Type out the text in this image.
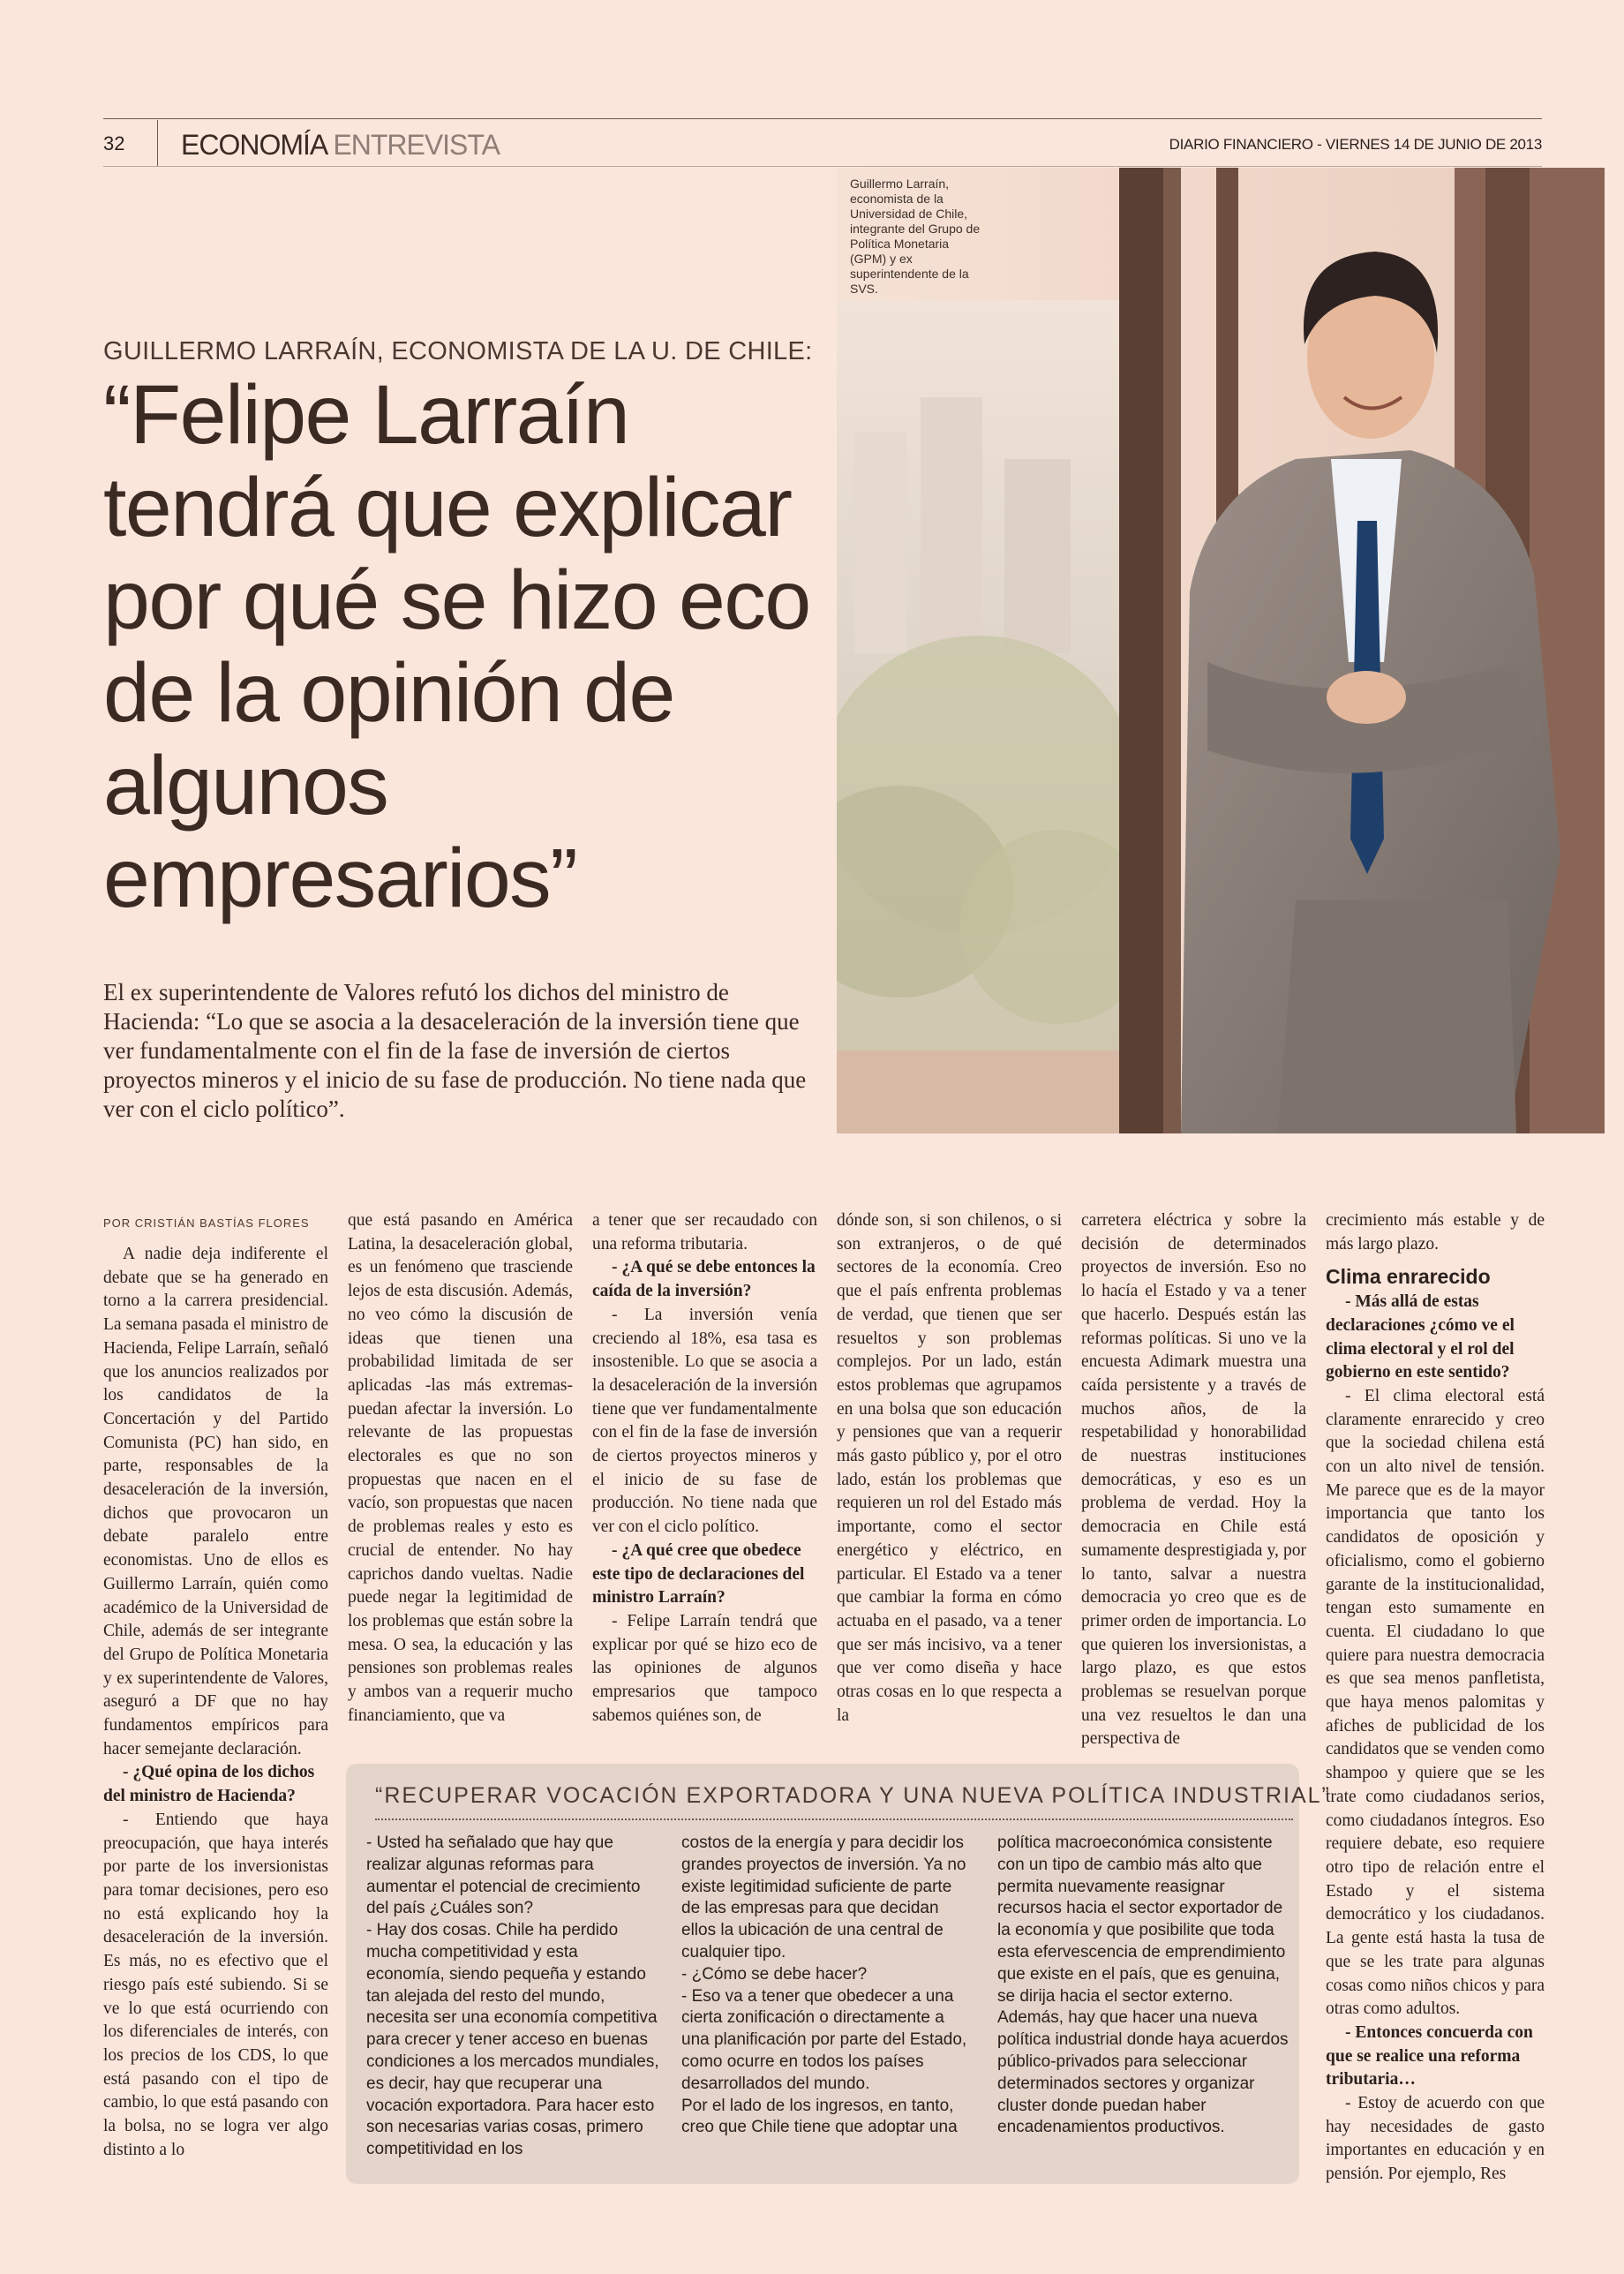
32 ECONOMÍA ENTREVISTA	DIARIO FINANCIERO - VIERNES 14 DE JUNIO DE 2013
GUILLERMO LARRAÍN, ECONOMISTA DE LA U. DE CHILE:
“Felipe Larraín tendrá que explicar por qué se hizo eco de la opinión de algunos empresarios”
El ex superintendente de Valores refutó los dichos del ministro de Hacienda: “Lo que se asocia a la desaceleración de la inversión tiene que ver fundamentalmente con el fin de la fase de inversión de ciertos proyectos mineros y el inicio de su fase de producción. No tiene nada que ver con el ciclo político”.
Guillermo Larraín, economista de la Universidad de Chile, integrante del Grupo de Política Monetaria (GPM) y ex superintendente de la SVS.
POR CRISTIÁN BASTÍAS FLORES

A nadie deja indiferente el debate que se ha generado en torno a la carrera presidencial. La semana pasada el ministro de Hacienda, Felipe Larraín, señaló que los anuncios realizados por los candidatos de la Concertación y del Partido Comunista (PC) han sido, en parte, responsables de la desaceleración de la inversión, dichos que provocaron un debate paralelo entre economistas. Uno de ellos es Guillermo Larraín, quién como académico de la Universidad de Chile, además de ser integrante del Grupo de Política Monetaria y ex superintendente de Valores, aseguró a DF que no hay fundamentos empíricos para hacer semejante declaración.

- ¿Qué opina de los dichos del ministro de Hacienda?

- Entiendo que haya preocupación, que haya interés por parte de los inversionistas para tomar decisiones, pero eso no está explicando hoy la desaceleración de la inversión. Es más, no es efectivo que el riesgo país esté subiendo. Si se ve lo que está ocurriendo con los diferenciales de interés, con los precios de los CDS, lo que está pasando con el tipo de cambio, lo que está pasando con la bolsa, no se logra ver algo distinto a lo

que está pasando en América Latina, la desaceleración global, es un fenómeno que trasciende lejos de esta discusión. Además, no veo cómo la discusión de ideas que tienen una probabilidad limitada de ser aplicadas -las más extremas- puedan afectar la inversión. Lo relevante de las propuestas electorales es que no son propuestas que nacen en el vacío, son propuestas que nacen de problemas reales y esto es crucial de entender. No hay caprichos dando vueltas. Nadie puede negar la legitimidad de los problemas que están sobre la mesa. O sea, la educación y las pensiones son problemas reales y ambos van a requerir mucho financiamiento, que va

a tener que ser recaudado con una reforma tributaria.

- ¿A qué se debe entonces la caída de la inversión?

- La inversión venía creciendo al 18%, esa tasa es insostenible. Lo que se asocia a la desaceleración de la inversión tiene que ver fundamentalmente con el fin de la fase de inversión de ciertos proyectos mineros y el inicio de su fase de producción. No tiene nada que ver con el ciclo político.

- ¿A qué cree que obedece este tipo de declaraciones del ministro Larraín?

- Felipe Larraín tendrá que explicar por qué se hizo eco de las opiniones de algunos empresarios que tampoco sabemos quiénes son, de

dónde son, si son chilenos, o si son extranjeros, o de qué sectores de la economía. Creo que el país enfrenta problemas de verdad, que tienen que ser resueltos y son problemas complejos. Por un lado, están estos problemas que agrupamos en una bolsa que son educación y pensiones que van a requerir más gasto público y, por el otro lado, están los problemas que requieren un rol del Estado más importante, como el sector energético y eléctrico, en particular. El Estado va a tener que cambiar la forma en cómo actuaba en el pasado, va a tener que ser más incisivo, va a tener que ver como diseña y hace otras cosas en lo que respecta a la

carretera eléctrica y sobre la decisión de determinados proyectos de inversión. Eso no lo hacía el Estado y va a tener que hacerlo. Después están las reformas políticas. Si uno ve la encuesta Adimark muestra una caída persistente y a través de muchos años, de la respetabilidad y honorabilidad de nuestras instituciones democráticas, y eso es un problema de verdad. Hoy la democracia en Chile está sumamente desprestigiada y, por lo tanto, salvar a nuestra democracia yo creo que es de primer orden de importancia. Lo que quieren los inversionistas, a largo plazo, es que estos problemas se resuelvan porque una vez resueltos le dan una perspectiva de

crecimiento más estable y de más largo plazo.

Clima enrarecido

- Más allá de estas declaraciones ¿cómo ve el clima electoral y el rol del gobierno en este sentido?

- El clima electoral está claramente enrarecido y creo que la sociedad chilena está con un alto nivel de tensión. Me parece que es de la mayor importancia que tanto los candidatos de oposición y oficialismo, como el gobierno garante de la institucionalidad, tengan esto sumamente en cuenta. El ciudadano lo que quiere para nuestra democracia es que sea menos panfletista, que haya menos palomitas y afiches de publicidad de los candidatos que se venden como shampoo y quiere que se les trate como ciudadanos serios, como ciudadanos íntegros. Eso requiere debate, eso requiere otro tipo de relación entre el Estado y el sistema democrático y los ciudadanos. La gente está hasta la tusa de que se les trate para algunas cosas como niños chicos y para otras como adultos.

- Entonces concuerda con que se realice una reforma tributaria…

- Estoy de acuerdo con que hay necesidades de gasto importantes en educación y en pensión. Por ejemplo, Res

“RECUPERAR VOCACIÓN EXPORTADORA Y UNA NUEVA POLÍTICA INDUSTRIAL”

- Usted ha señalado que hay que realizar algunas reformas para aumentar el potencial de crecimiento del país ¿Cuáles son?

- Hay dos cosas. Chile ha perdido mucha competitividad y esta economía, siendo pequeña y estando tan alejada del resto del mundo, necesita ser una economía competitiva para crecer y tener acceso en buenas condiciones a los mercados mundiales, es decir, hay que recuperar una vocación exportadora. Para hacer esto son necesarias varias cosas, primero competitividad en los

costos de la energía y para decidir los grandes proyectos de inversión. Ya no existe legitimidad suficiente de parte de las empresas para que decidan ellos la ubicación de una central de cualquier tipo.

- ¿Cómo se debe hacer?

- Eso va a tener que obedecer a una cierta zonificación o directamente a una planificación por parte del Estado, como ocurre en todos los países desarrollados del mundo.

Por el lado de los ingresos, en tanto, creo que Chile tiene que adoptar una

política macroeconómica consistente con un tipo de cambio más alto que permita nuevamente reasignar recursos hacia el sector exportador de la economía y que posibilite que toda esta efervescencia de emprendimiento que existe en el país, que es genuina, se dirija hacia el sector externo. Además, hay que hacer una nueva política industrial donde haya acuerdos público-privados para seleccionar determinados sectores y organizar cluster donde puedan haber encadenamientos productivos.
